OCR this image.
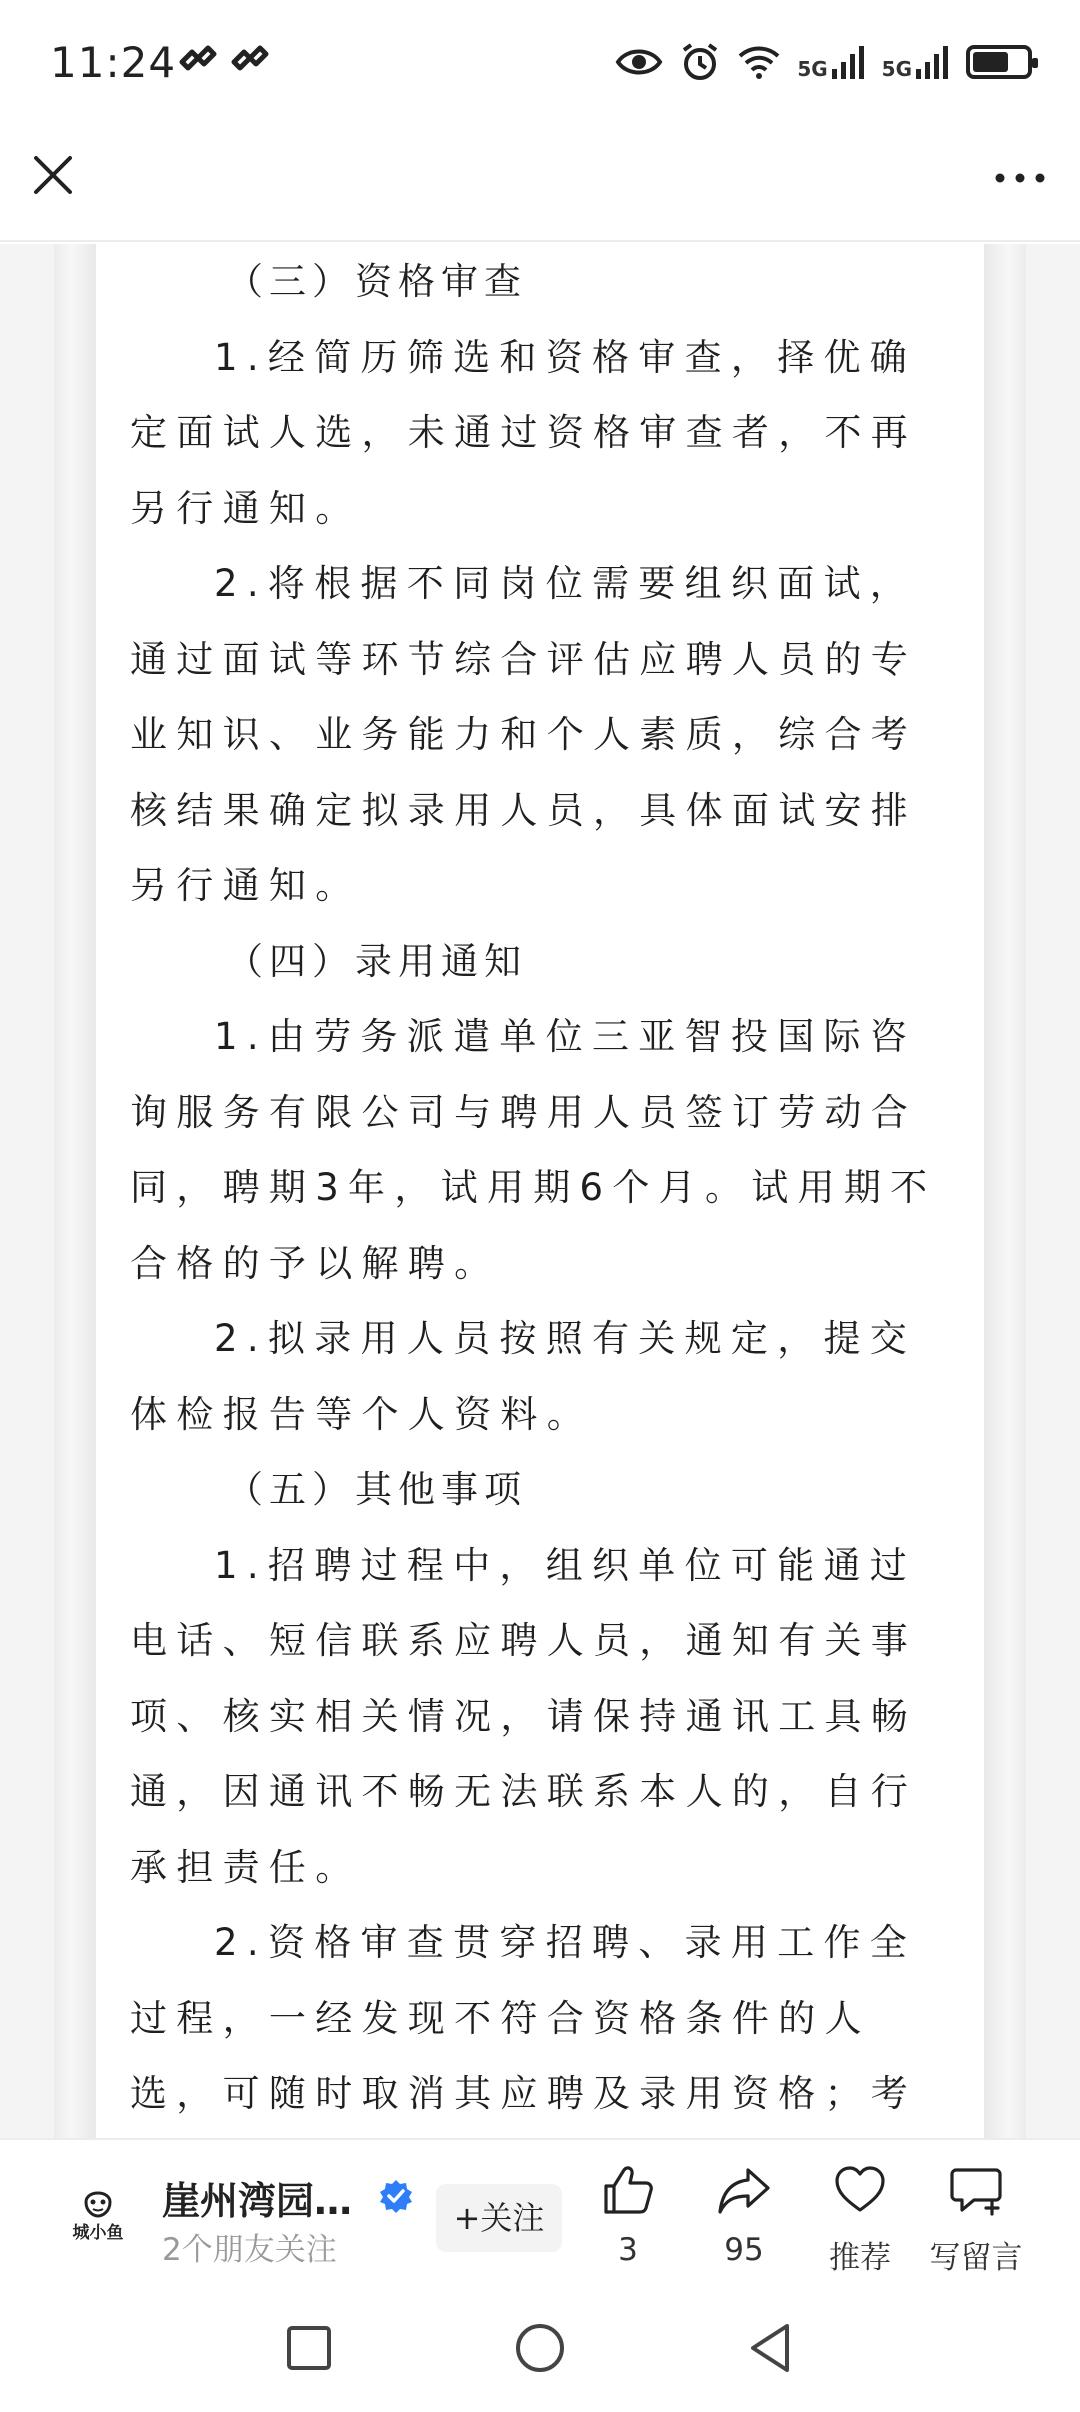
11:24	5G	5G

（三）资格审查

1.经简历筛选和资格审查，择优确定面试人选，未通过资格审查者，不再另行通知。

2.将根据不同岗位需要组织面试，通过面试等环节综合评估应聘人员的专业知识、业务能力和个人素质，综合考核结果确定拟录用人员，具体面试安排另行通知。

（四）录用通知

1.由劳务派遣单位三亚智投国际咨询服务有限公司与聘用人员签订劳动合同，聘期3年，试用期6个月。试用期不合格的予以解聘。

2.拟录用人员按照有关规定，提交体检报告等个人资料。

（五）其他事项

1.招聘过程中，组织单位可能通过电话、短信联系应聘人员，通知有关事项、核实相关情况，请保持通讯工具畅通，因通讯不畅无法联系本人的，自行承担责任。

2.资格审查贯穿招聘、录用工作全过程，一经发现不符合资格条件的人选，可随时取消其应聘及录用资格；考

城小鱼
崖州湾园…
2个朋友关注
+关注
3	95	推荐	写留言
